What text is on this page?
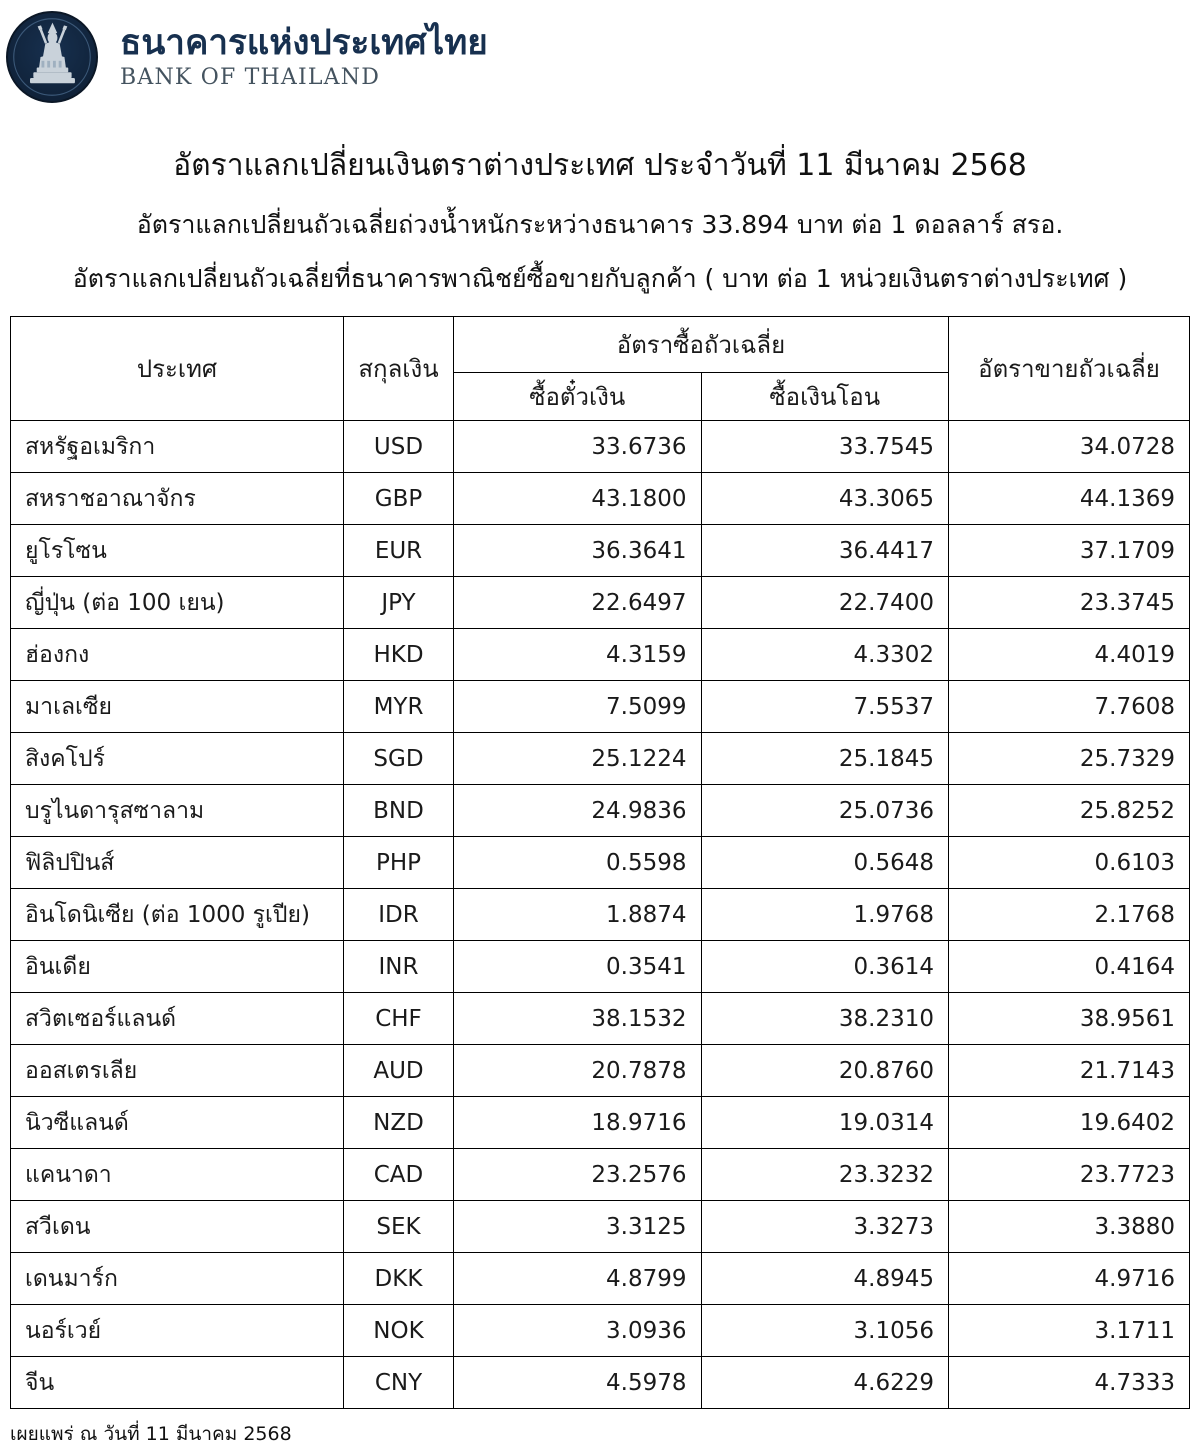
ธนาคารแห่งประเทศไทย
BANK OF THAILAND
อัตราแลกเปลี่ยนเงินตราต่างประเทศ ประจำวันที่ 11 มีนาคม 2568
อัตราแลกเปลี่ยนถัวเฉลี่ยถ่วงน้ำหนักระหว่างธนาคาร 33.894 บาท ต่อ 1 ดอลลาร์ สรอ.
อัตราแลกเปลี่ยนถัวเฉลี่ยที่ธนาคารพาณิชย์ซื้อขายกับลูกค้า ( บาท ต่อ 1 หน่วยเงินตราต่างประเทศ )
ประเทศ	สกุลเงิน	อัตราซื้อถัวเฉลี่ย		อัตราขายถัวเฉลี่ย
		ซื้อตั๋วเงิน	ซื้อเงินโอน	
สหรัฐอเมริกา	USD	33.6736	33.7545	34.0728
สหราชอาณาจักร	GBP	43.1800	43.3065	44.1369
ยูโรโซน	EUR	36.3641	36.4417	37.1709
ญี่ปุ่น (ต่อ 100 เยน)	JPY	22.6497	22.7400	23.3745
ฮ่องกง	HKD	4.3159	4.3302	4.4019
มาเลเซีย	MYR	7.5099	7.5537	7.7608
สิงคโปร์	SGD	25.1224	25.1845	25.7329
บรูไนดารุสซาลาม	BND	24.9836	25.0736	25.8252
ฟิลิปปินส์	PHP	0.5598	0.5648	0.6103
อินโดนิเซีย (ต่อ 1000 รูเปีย)	IDR	1.8874	1.9768	2.1768
อินเดีย	INR	0.3541	0.3614	0.4164
สวิตเซอร์แลนด์	CHF	38.1532	38.2310	38.9561
ออสเตรเลีย	AUD	20.7878	20.8760	21.7143
นิวซีแลนด์	NZD	18.9716	19.0314	19.6402
แคนาดา	CAD	23.2576	23.3232	23.7723
สวีเดน	SEK	3.3125	3.3273	3.3880
เดนมาร์ก	DKK	4.8799	4.8945	4.9716
นอร์เวย์	NOK	3.0936	3.1056	3.1711
จีน	CNY	4.5978	4.6229	4.7333
เผยแพร่ ณ วันที่ 11 มีนาคม 2568
